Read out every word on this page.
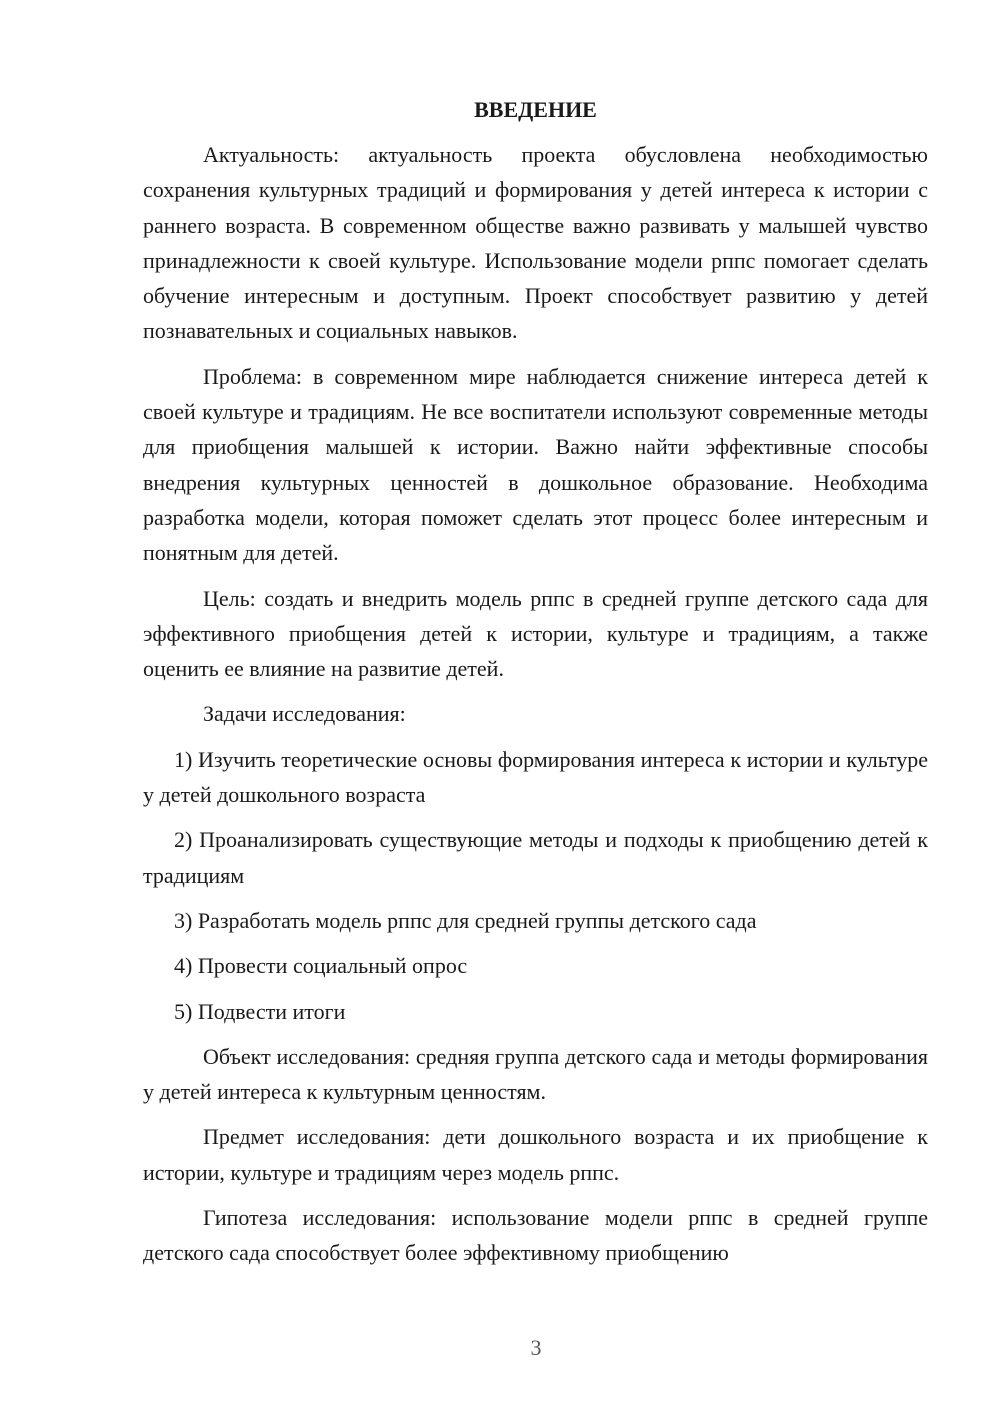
ВВЕДЕНИЕ

Актуальность: актуальность проекта обусловлена необходимостью сохранения культурных традиций и формирования у детей интереса к истории с раннего возраста. В современном обществе важно развивать у малышей чувство принадлежности к своей культуре. Использование модели рппс помогает сделать обучение интересным и доступным. Проект способствует развитию у детей познавательных и социальных навыков.

Проблема: в современном мире наблюдается снижение интереса детей к своей культуре и традициям. Не все воспитатели используют современные методы для приобщения малышей к истории. Важно найти эффективные способы внедрения культурных ценностей в дошкольное образование. Необходима разработка модели, которая поможет сделать этот процесс более интересным и понятным для детей.

Цель: создать и внедрить модель рппс в средней группе детского сада для эффективного приобщения детей к истории, культуре и традициям, а также оценить ее влияние на развитие детей.

Задачи исследования:

1) Изучить теоретические основы формирования интереса к истории и культуре у детей дошкольного возраста

2) Проанализировать существующие методы и подходы к приобщению детей к традициям

3) Разработать модель рппс для средней группы детского сада

4) Провести социальный опрос

5) Подвести итоги

Объект исследования: средняя группа детского сада и методы формирования у детей интереса к культурным ценностям.

Предмет исследования: дети дошкольного возраста и их приобщение к истории, культуре и традициям через модель рппс.

Гипотеза исследования: использование модели рппс в средней группе детского сада способствует более эффективному приобщению

3
